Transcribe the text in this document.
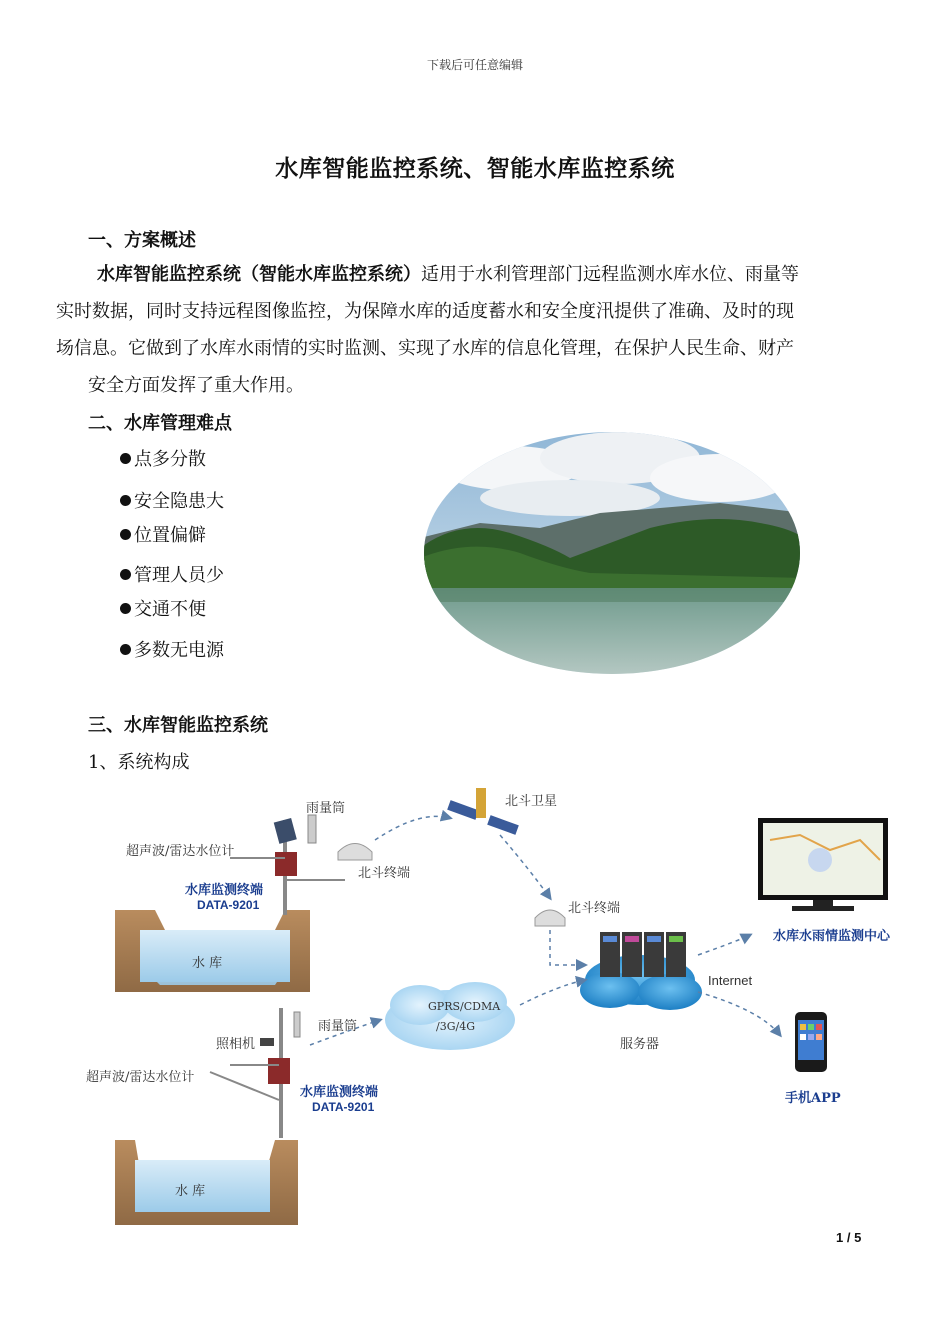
下载后可任意编辑
水库智能监控系统、智能水库监控系统
一、方案概述
水库智能监控系统（智能水库监控系统）适用于水利管理部门远程监测水库水位、雨量等
实时数据，同时支持远程图像监控，为保障水库的适度蓄水和安全度汛提供了准确、及时的现
场信息。它做到了水库水雨情的实时监测、实现了水库的信息化管理，在保护人民生命、财产
安全方面发挥了重大作用。
二、水库管理难点
点多分散
安全隐患大
位置偏僻
管理人员少
交通不便
多数无电源
三、水库智能监控系统
1、系统构成
雨量筒	北斗卫星
超声波/雷达水位计
北斗终端
水库监测终端
DATA-9201	北斗终端
水 库
水库水雨情监测中心
Internet
GPRS/CDMA
/3G/4G
雨量筒
照相机	服务器
超声波/雷达水位计
水库监测终端
DATA-9201
手机APP
水 库
1 / 5
